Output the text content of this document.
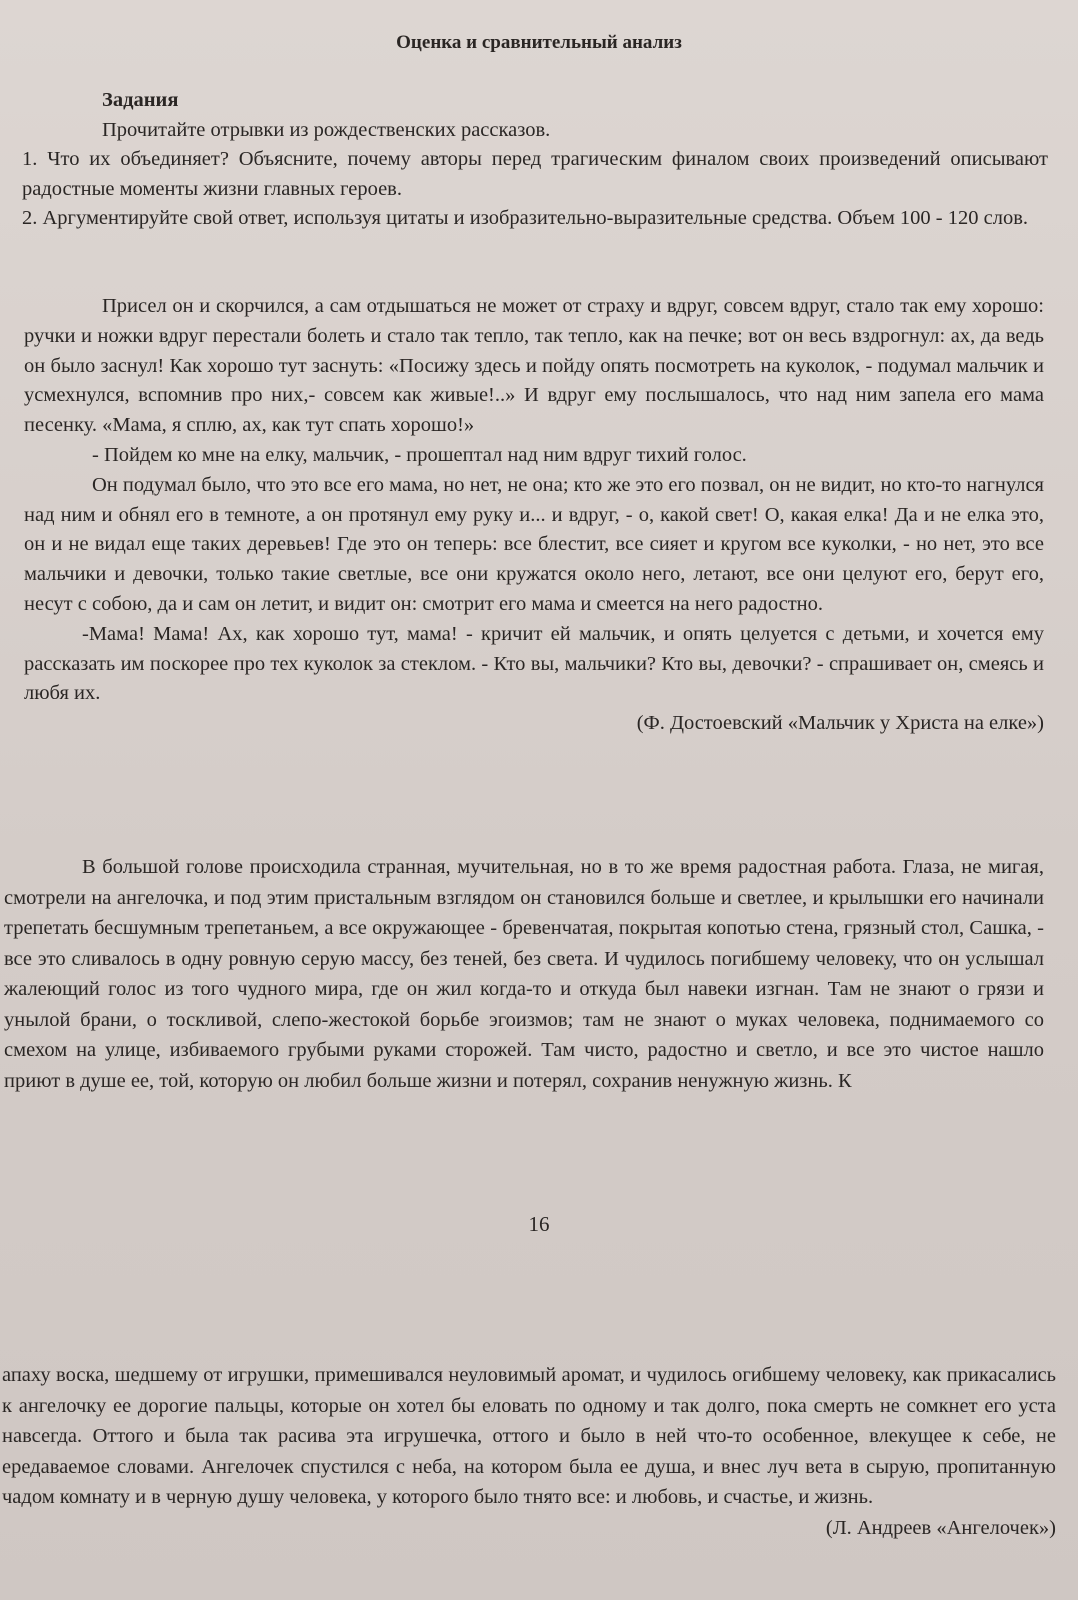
Оценка и сравнительный анализ

Задания

Прочитайте отрывки из рождественских рассказов.

1. Что их объединяет? Объясните, почему авторы перед трагическим финалом своих произведений описывают радостные моменты жизни главных героев.

2. Аргументируйте свой ответ, используя цитаты и изобразительно-выразительные средства. Объем 100 - 120 слов.

Присел он и скорчился, а сам отдышаться не может от страху и вдруг, совсем вдруг, стало так ему хорошо: ручки и ножки вдруг перестали болеть и стало так тепло, так тепло, как на печке; вот он весь вздрогнул: ах, да ведь он было заснул! Как хорошо тут заснуть: «Посижу здесь и пойду опять посмотреть на куколок, - подумал мальчик и усмехнулся, вспомнив про них,- совсем как живые!..» И вдруг ему послышалось, что над ним запела его мама песенку. «Мама, я сплю, ах, как тут спать хорошо!»

- Пойдем ко мне на елку, мальчик, - прошептал над ним вдруг тихий голос.

Он подумал было, что это все его мама, но нет, не она; кто же это его позвал, он не видит, но кто-то нагнулся над ним и обнял его в темноте, а он протянул ему руку и... и вдруг, - о, какой свет! О, какая елка! Да и не елка это, он и не видал еще таких деревьев! Где это он теперь: все блестит, все сияет и кругом все куколки, - но нет, это все мальчики и девочки, только такие светлые, все они кружатся около него, летают, все они целуют его, берут его, несут с собою, да и сам он летит, и видит он: смотрит его мама и смеется на него радостно.

-Мама! Мама! Ах, как хорошо тут, мама! - кричит ей мальчик, и опять целуется с детьми, и хочется ему рассказать им поскорее про тех куколок за стеклом. - Кто вы, мальчики? Кто вы, девочки? - спрашивает он, смеясь и любя их.

(Ф. Достоевский «Мальчик у Христа на елке»)

В большой голове происходила странная, мучительная, но в то же время радостная работа. Глаза, не мигая, смотрели на ангелочка, и под этим пристальным взглядом он становился больше и светлее, и крылышки его начинали трепетать бесшумным трепетаньем, а все окружающее - бревенчатая, покрытая копотью стена, грязный стол, Сашка, - все это сливалось в одну ровную серую массу, без теней, без света. И чудилось погибшему человеку, что он услышал жалеющий голос из того чудного мира, где он жил когда-то и откуда был навеки изгнан. Там не знают о грязи и унылой брани, о тоскливой, слепо-жестокой борьбе эгоизмов; там не знают о муках человека, поднимаемого со смехом на улице, избиваемого грубыми руками сторожей. Там чисто, радостно и светло, и все это чистое нашло приют в душе ее, той, которую он любил больше жизни и потерял, сохранив ненужную жизнь. К

16

апаху воска, шедшему от игрушки, примешивался неуловимый аромат, и чудилось огибшему человеку, как прикасались к ангелочку ее дорогие пальцы, которые он хотел бы еловать по одному и так долго, пока смерть не сомкнет его уста навсегда. Оттого и была так расива эта игрушечка, оттого и было в ней что-то особенное, влекущее к себе, не ередаваемое словами. Ангелочек спустился с неба, на котором была ее душа, и внес луч вета в сырую, пропитанную чадом комнату и в черную душу человека, у которого было тнято все: и любовь, и счастье, и жизнь.

(Л. Андреев «Ангелочек»)
